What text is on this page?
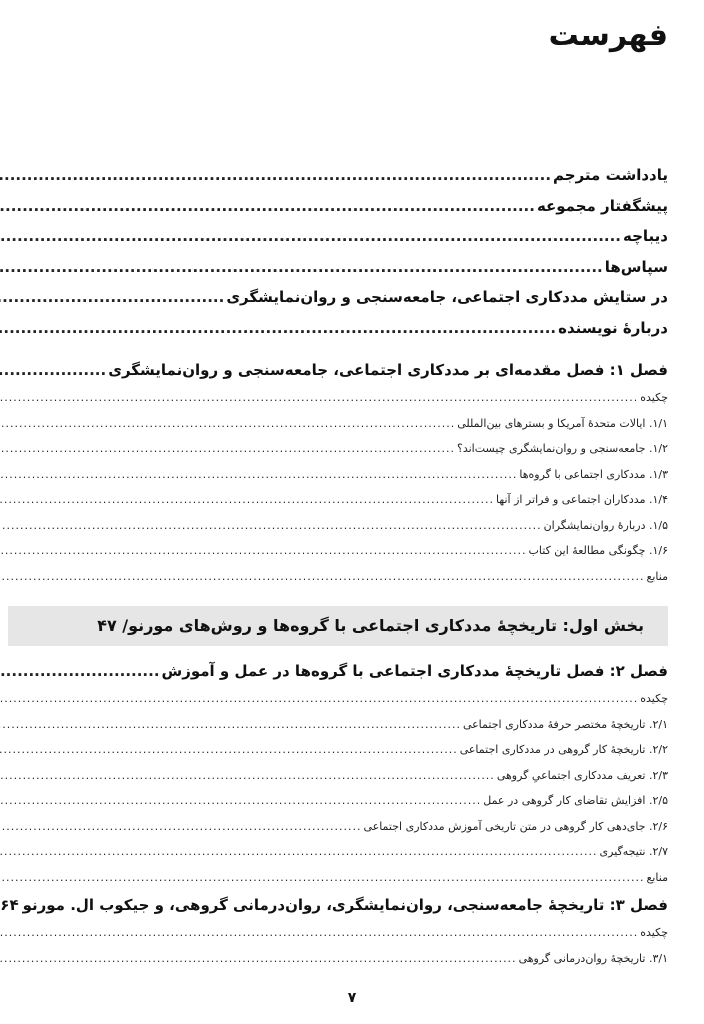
فهرست
یادداشت مترجم
.....
پیشگفتار مجموعه
.....
دیباچه
.....
سپاس‌ها
.....
در ستایش مددکاری اجتماعی، جامعه‌سنجی و روان‌نمایشگری
.....
دربارهٔ نویسنده
.....
فصل ۱: فصل مقدمه‌ای بر مددکاری اجتماعی، جامعه‌سنجی و روان‌نمایشگری
.....
چکیده
.....
۱/۱. ایالات متحدهٔ آمریکا و بسترهای بین‌المللی
.....
۱/۲. جامعه‌سنجی و روان‌نمایشگری چیست‌اند؟
.....
۱/۳. مددکاری اجتماعی با گروه‌ها
.....
۱/۴. مددکاران اجتماعی و فراتر از آنها
.....
۱/۵. دربارهٔ روان‌نمایشگران
.....
۱/۶. چگونگی مطالعهٔ این کتاب
.....
منابع
.....
بخش اول: تاریخچهٔ مددکاری اجتماعی با گروه‌ها و روش‌های مورنو/ ۴۷
فصل ۲: فصل تاریخچهٔ مددکاری اجتماعی با گروه‌ها در عمل و آموزش
.....
چکیده
.....
۲/۱. تاریخچهٔ مختصر حرفهٔ مددکاری اجتماعی
.....
۲/۲. تاریخچهٔ کار گروهی در مددکاری اجتماعی
.....
۲/۳. تعریف مددکاری اجتماعیِ گروهی
.....
۲/۵. افزایش تقاضای کار گروهی در عمل
.....
۲/۶. جای‌دهی کار گروهی در متن تاریخی آموزش مددکاری اجتماعی
.....
۲/۷. نتیجه‌گیری
.....
منابع
.....
فصل ۳: تاریخچهٔ جامعه‌سنجی، روان‌نمایشگری، روان‌درمانی گروهی، و جیکوب ال. مورنو
۶۴
چکیده
.....
۳/۱. تاریخچهٔ روان‌درمانی گروهی
.....
۷
